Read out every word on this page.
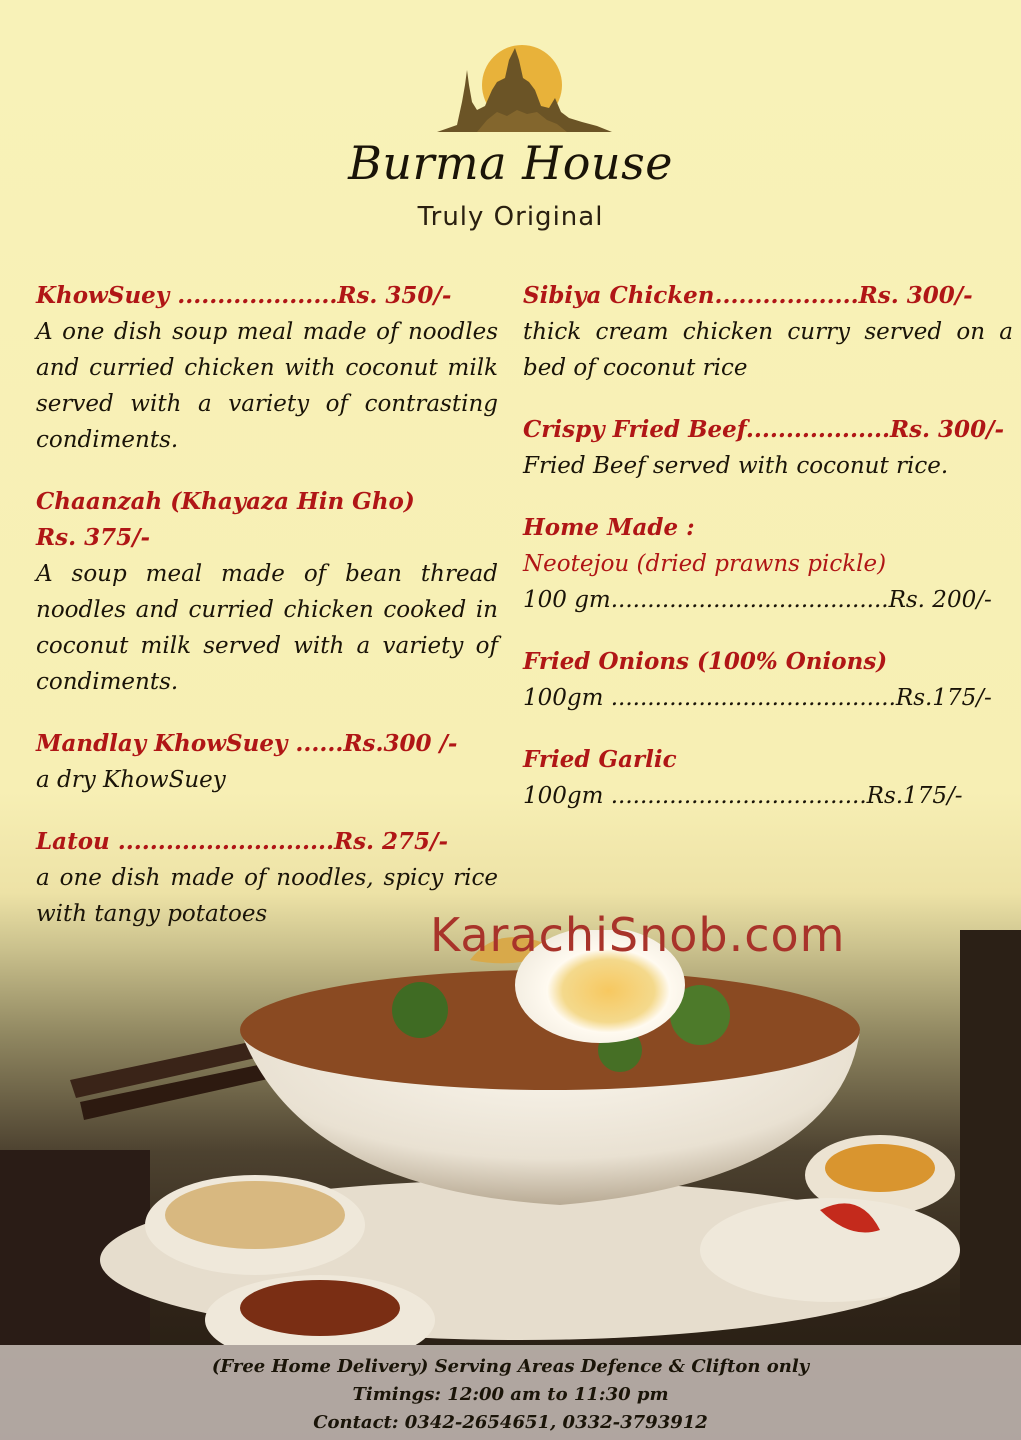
Burma House
Truly Original
KhowSuey ....................Rs. 350/-
A one dish soup meal made of noodles and curried chicken with coconut milk served with a variety of contrasting condiments.
Chaanzah (Khayaza Hin Gho)
Rs. 375/-
A soup meal made of bean thread noodles and curried chicken cooked in coconut milk served with a variety of condiments.
Mandlay KhowSuey ......Rs.300 /-
a dry KhowSuey
Latou ...........................Rs. 275/-
a one dish made of noodles, spicy rice with tangy potatoes
Sibiya Chicken..................Rs. 300/-
thick cream chicken curry served on a bed of coconut rice
Crispy Fried Beef..................Rs. 300/-
Fried Beef served with coconut rice.
Home Made :
Neotejou (dried prawns pickle)
100 gm......................................Rs. 200/-
Fried Onions (100% Onions)
100gm .......................................Rs.175/-
Fried Garlic
100gm ...................................Rs.175/-
KarachiSnob.com
(Free Home Delivery) Serving Areas Defence & Clifton only
Timings: 12:00 am to 11:30 pm
Contact: 0342-2654651, 0332-3793912
